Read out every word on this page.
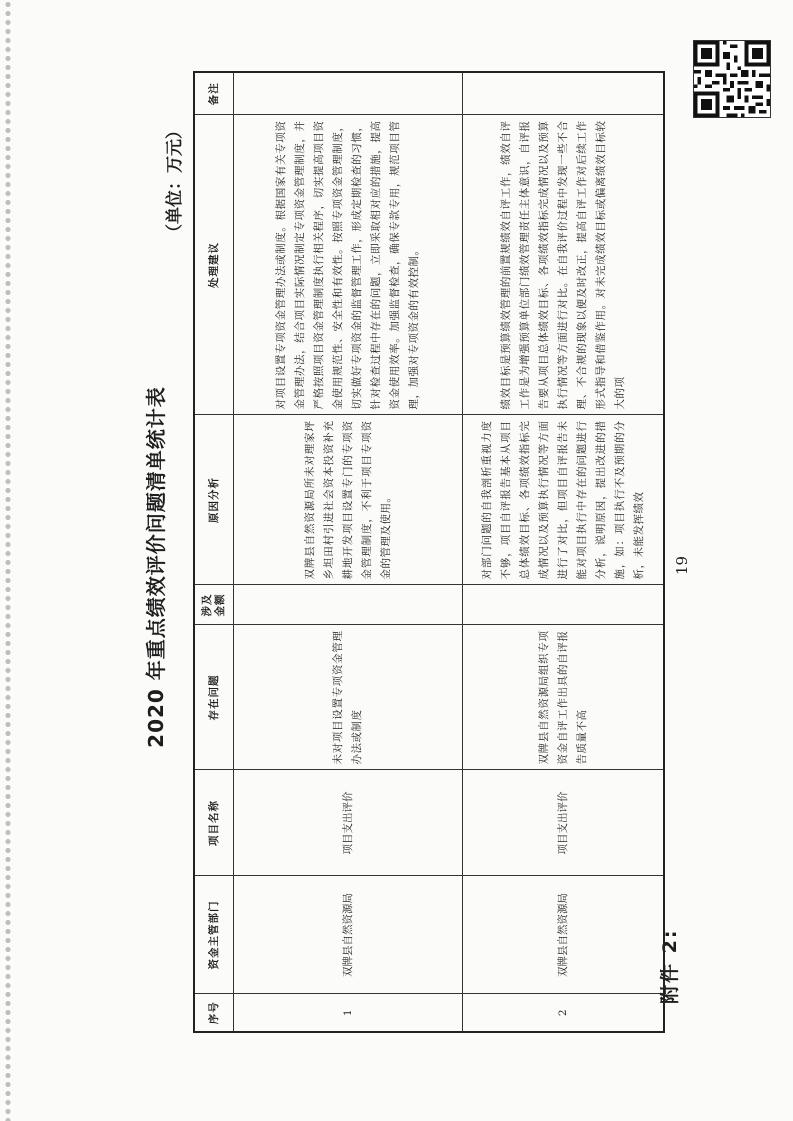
附件 2:
2020 年重点绩效评价问题清单统计表
（单位：万元）
序号	资金主管部门	项目名称	存在问题	涉及金额	原因分析	处理建议	备注
1	双牌县自然资源局	项目支出评价	未对项目设置专项资金管理办法或制度		双牌县自然资源局所未对理家坪乡坦田村引进社会资本投资补充耕地开发项目设置专门的专项资金管理制度，不利于项目专项资金的管理及使用。	对项目设置专项资金管理办法或制度。根据国家有关专项资金管理办法，结合项目实际情况制定专项资金管理制度，并严格按照项目资金管理制度执行相关程序，切实提高项目资金使用规范性、安全性和有效性。按照专项资金管理制度，切实做好专项资金的监督管理工作，形成定期检查的习惯，针对检查过程中存在的问题，立即采取相对应的措施，提高资金使用效率。加强监督检查，确保专款专用，规范项目管理，加强对专项资金的有效控制。	
2	双牌县自然资源局	项目支出评价	双牌县自然资源局组织专项资金自评工作出具的自评报告质量不高		对部门问题的自我剖析重视力度不够，项目自评报告基本从项目总体绩效目标、各项绩效指标完成情况以及预算执行情况等方面进行了对比，但项目自评报告未能对项目执行中存在的问题进行分析，说明原因，提出改进的措施，如：项目执行不及预期的分析，未能发挥绩效	绩效目标是预算绩效管理的前置规绩效自评工作，绩效自评工作是为增强预算单位部门绩效管理责任主体意识，自评报告要从项目总体绩效目标、各项绩效指标完成情况以及预算执行情况等方面进行对比。在自我评价过程中发现一些不合理、不合规的现象以便及时改正，提高自评工作对后续工作形式指导和借鉴作用。对未完成绩效目标或偏离绩效目标较大的项	
19
